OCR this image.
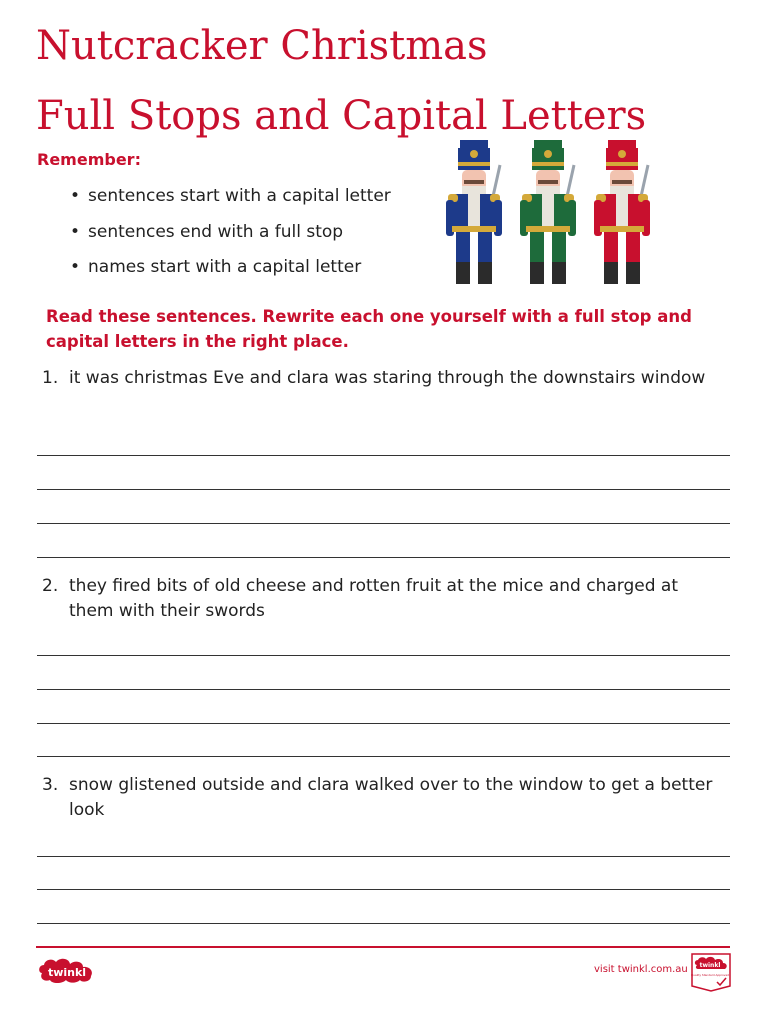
Nutcracker Christmas
Full Stops and Capital Letters
Remember:
• sentences start with a capital letter
• sentences end with a full stop
• names start with a capital letter
Read these sentences. Rewrite each one yourself with a full stop and capital letters in the right place.
1. it was christmas Eve and clara was staring through the downstairs window
2. they fired bits of old cheese and rotten fruit at the mice and charged at them with their swords
3. snow glistened outside and clara walked over to the window to get a better look
twinkl	visit twinkl.com.au twinkl
Quality Standard Approved
